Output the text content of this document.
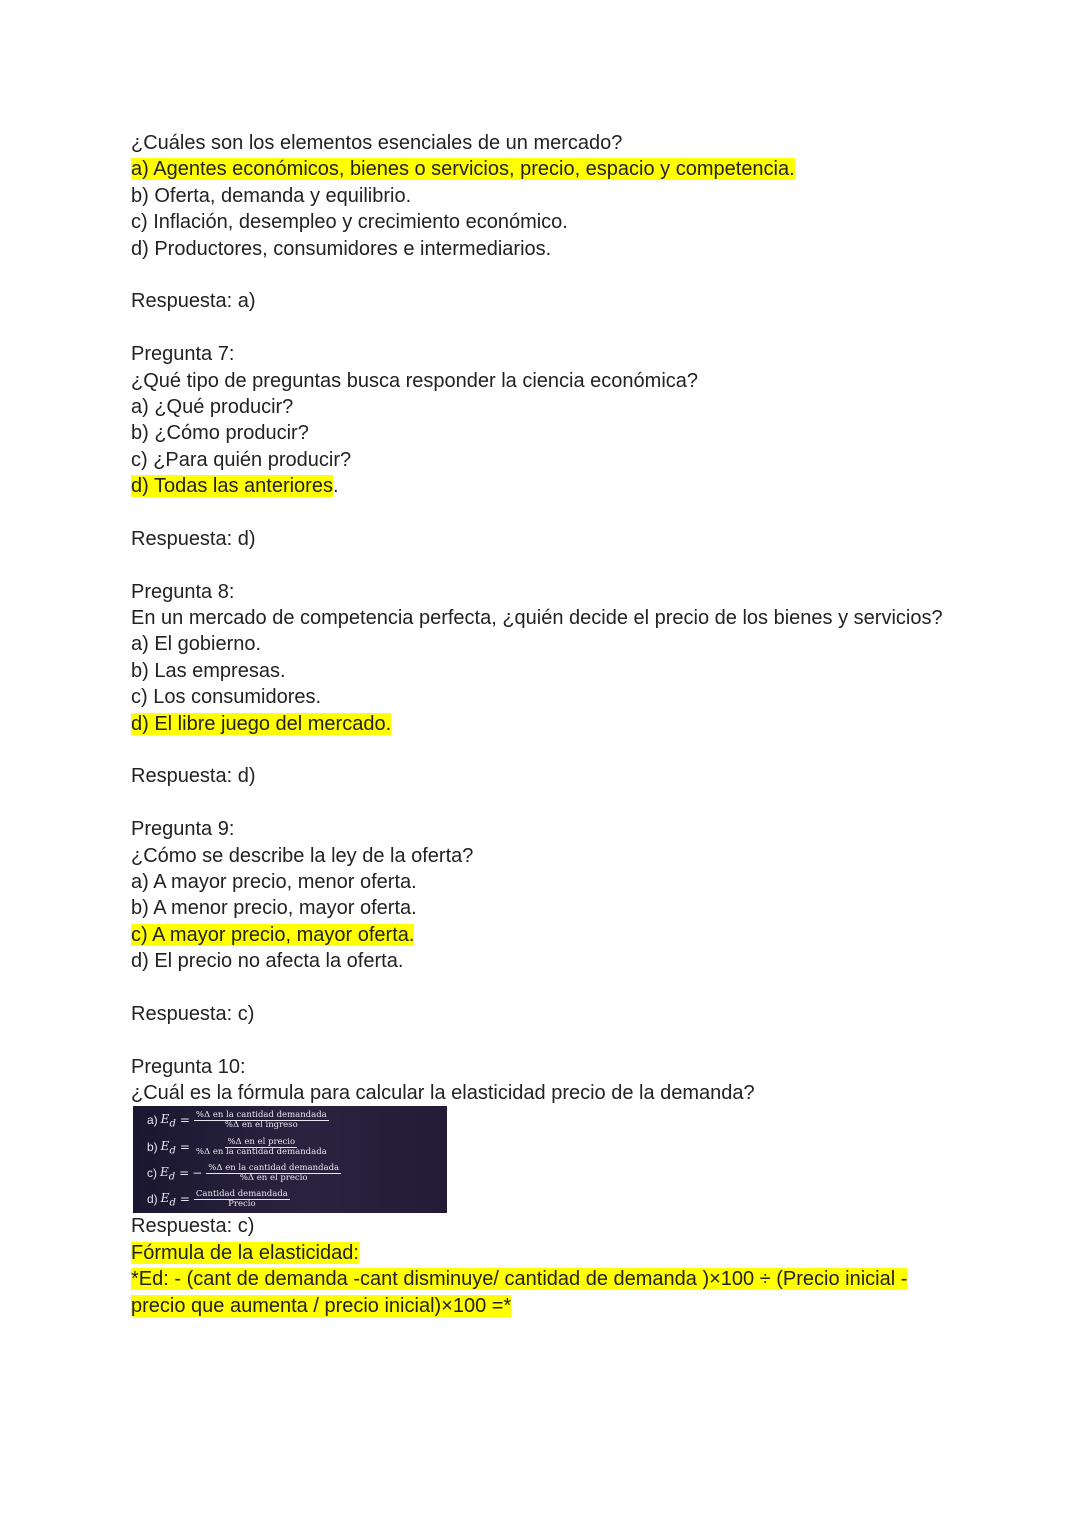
¿Cuáles son los elementos esenciales de un mercado?
a) Agentes económicos, bienes o servicios, precio, espacio y competencia.
b) Oferta, demanda y equilibrio.
c) Inflación, desempleo y crecimiento económico.
d) Productores, consumidores e intermediarios.
Respuesta: a)
Pregunta 7:
¿Qué tipo de preguntas busca responder la ciencia económica?
a) ¿Qué producir?
b) ¿Cómo producir?
c) ¿Para quién producir?
d) Todas las anteriores.
Respuesta: d)
Pregunta 8:
En un mercado de competencia perfecta, ¿quién decide el precio de los bienes y servicios?
a) El gobierno.
b) Las empresas.
c) Los consumidores.
d) El libre juego del mercado.
Respuesta: d)
Pregunta 9:
¿Cómo se describe la ley de la oferta?
a) A mayor precio, menor oferta.
b) A menor precio, mayor oferta.
c) A mayor precio, mayor oferta.
d) El precio no afecta la oferta.
Respuesta: c)
Pregunta 10:
¿Cuál es la fórmula para calcular la elasticidad precio de la demanda?
a) $E_d = \frac{\text{\%Δ en la cantidad demandada}}{\text{\%Δ en el ingreso}}$
b) $E_d = \frac{\text{\%Δ en el precio}}{\text{\%Δ en la cantidad demandada}}$
c) $E_d$ = − $\frac{\text{\%Δ en la cantidad demandada}}{\text{\%Δ en el precio}}$
d) $E_d = \frac{\text{Cantidad demandada}}{\text{Precio}}$
Respuesta: c)
Fórmula de la elasticidad:
*Ed: - (cant de demanda -cant disminuye/ cantidad de demanda )×100 ÷ (Precio inicial -
precio que aumenta / precio inicial)×100 =*
